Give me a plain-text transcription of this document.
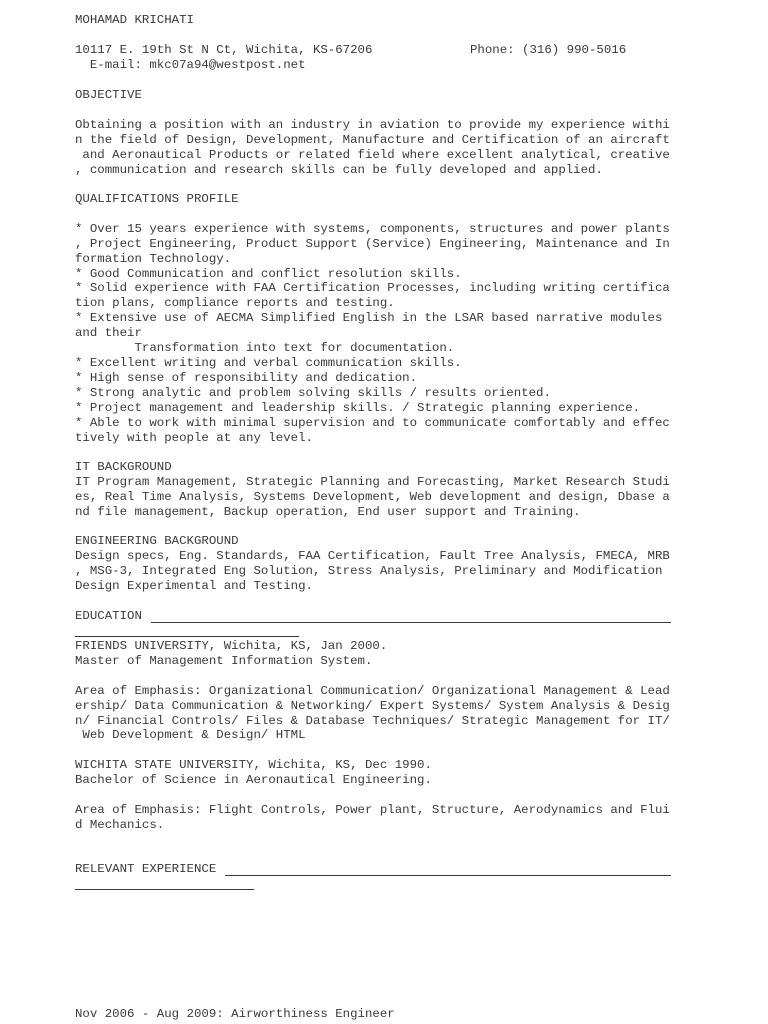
MOHAMAD KRICHATI
10117 E. 19th St N Ct, Wichita, KS-67206	Phone: (316) 990-5016
E-mail: mkc07a94@westpost.net
OBJECTIVE
Obtaining a position with an industry in aviation to provide my experience withi
n the field of Design, Development, Manufacture and Certification of an aircraft
and Aeronautical Products or related field where excellent analytical, creative
, communication and research skills can be fully developed and applied.
QUALIFICATIONS PROFILE
* Over 15 years experience with systems, components, structures and power plants
, Project Engineering, Product Support (Service) Engineering, Maintenance and In
formation Technology.
* Good Communication and conflict resolution skills.
* Solid experience with FAA Certification Processes, including writing certifica
tion plans, compliance reports and testing.
* Extensive use of AECMA Simplified English in the LSAR based narrative modules
and their
Transformation into text for documentation.
* Excellent writing and verbal communication skills.
* High sense of responsibility and dedication.
* Strong analytic and problem solving skills / results oriented.
* Project management and leadership skills. / Strategic planning experience.
* Able to work with minimal supervision and to communicate comfortably and effec
tively with people at any level.
IT BACKGROUND
IT Program Management, Strategic Planning and Forecasting, Market Research Studi
es, Real Time Analysis, Systems Development, Web development and design, Dbase a
nd file management, Backup operation, End user support and Training.
ENGINEERING BACKGROUND
Design specs, Eng. Standards, FAA Certification, Fault Tree Analysis, FMECA, MRB
, MSG-3, Integrated Eng Solution, Stress Analysis, Preliminary and Modification
Design Experimental and Testing.
EDUCATION
FRIENDS UNIVERSITY, Wichita, KS, Jan 2000.
Master of Management Information System.
Area of Emphasis: Organizational Communication/ Organizational Management & Lead
ership/ Data Communication & Networking/ Expert Systems/ System Analysis & Desig
n/ Financial Controls/ Files & Database Techniques/ Strategic Management for IT/
Web Development & Design/ HTML
WICHITA STATE UNIVERSITY, Wichita, KS, Dec 1990.
Bachelor of Science in Aeronautical Engineering.
Area of Emphasis: Flight Controls, Power plant, Structure, Aerodynamics and Flui
d Mechanics.
RELEVANT EXPERIENCE
Nov 2006 - Aug 2009: Airworthiness Engineer
